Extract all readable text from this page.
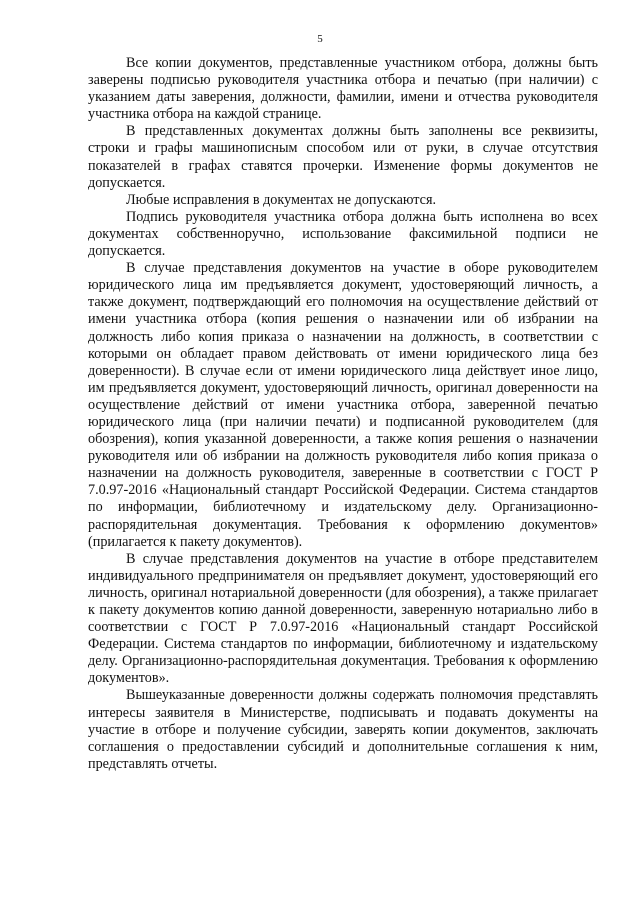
5

Все копии документов, представленные участником отбора, должны быть заверены подписью руководителя участника отбора и печатью (при наличии) с указанием даты заверения, должности, фамилии, имени и отчества руководителя участника отбора на каждой странице.

В представленных документах должны быть заполнены все реквизиты, строки и графы машинописным способом или от руки, в случае отсутствия показателей в графах ставятся прочерки. Изменение формы документов не допускается.

Любые исправления в документах не допускаются.

Подпись руководителя участника отбора должна быть исполнена во всех документах собственноручно, использование факсимильной подписи не допускается.

В случае представления документов на участие в оборе руководителем юридического лица им предъявляется документ, удостоверяющий личность, а также документ, подтверждающий его полномочия на осуществление действий от имени участника отбора (копия решения о назначении или об избрании на должность либо копия приказа о назначении на должность, в соответствии с которыми он обладает правом действовать от имени юридического лица без доверенности). В случае если от имени юридического лица действует иное лицо, им предъявляется документ, удостоверяющий личность, оригинал доверенности на осуществление действий от имени участника отбора, заверенной печатью юридического лица (при наличии печати) и подписанной руководителем (для обозрения), копия указанной доверенности, а также копия решения о назначении руководителя или об избрании на должность руководителя либо копия приказа о назначении на должность руководителя, заверенные в соответствии с ГОСТ Р 7.0.97-2016 «Национальный стандарт Российской Федерации. Система стандартов по информации, библиотечному и издательскому делу. Организационно-распорядительная документация. Требования к оформлению документов» (прилагается к пакету документов).

В случае представления документов на участие в отборе представителем индивидуального предпринимателя он предъявляет документ, удостоверяющий его личность, оригинал нотариальной доверенности (для обозрения), а также прилагает к пакету документов копию данной доверенности, заверенную нотариально либо в соответствии с ГОСТ Р 7.0.97-2016 «Национальный стандарт Российской Федерации. Система стандартов по информации, библиотечному и издательскому делу. Организационно-распорядительная документация. Требования к оформлению документов».

Вышеуказанные доверенности должны содержать полномочия представлять интересы заявителя в Министерстве, подписывать и подавать документы на участие в отборе и получение субсидии, заверять копии документов, заключать соглашения о предоставлении субсидий и дополнительные соглашения к ним, представлять отчеты.
